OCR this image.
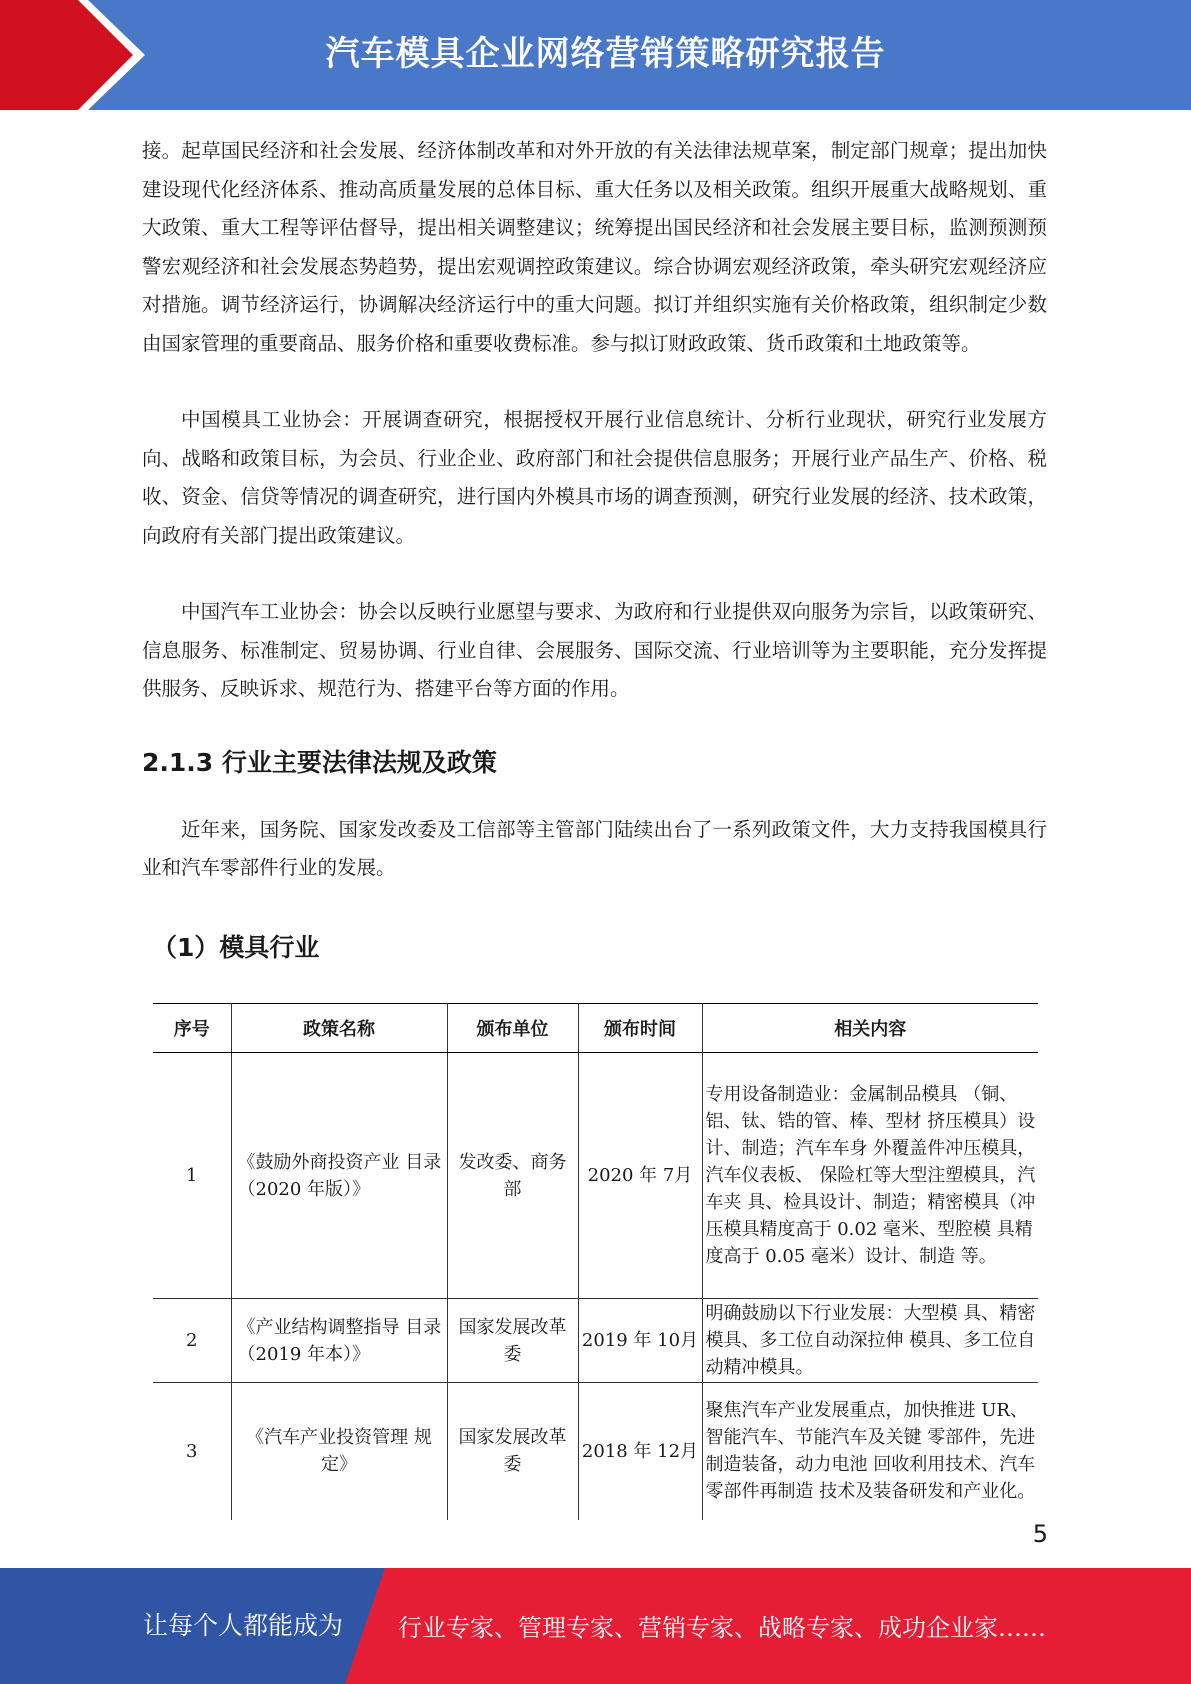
汽车模具企业网络营销策略研究报告

接。起草国民经济和社会发展、经济体制改革和对外开放的有关法律法规草案，制定部门规章；提出加快建设现代化经济体系、推动高质量发展的总体目标、重大任务以及相关政策。组织开展重大战略规划、重大政策、重大工程等评估督导，提出相关调整建议；统筹提出国民经济和社会发展主要目标，监测预测预警宏观经济和社会发展态势趋势，提出宏观调控政策建议。综合协调宏观经济政策，牵头研究宏观经济应对措施。调节经济运行，协调解决经济运行中的重大问题。拟订并组织实施有关价格政策，组织制定少数由国家管理的重要商品、服务价格和重要收费标准。参与拟订财政政策、货币政策和土地政策等。

中国模具工业协会：开展调查研究，根据授权开展行业信息统计、分析行业现状，研究行业发展方向、战略和政策目标，为会员、行业企业、政府部门和社会提供信息服务；开展行业产品生产、价格、税收、资金、信贷等情况的调查研究，进行国内外模具市场的调查预测，研究行业发展的经济、技术政策，向政府有关部门提出政策建议。

中国汽车工业协会：协会以反映行业愿望与要求、为政府和行业提供双向服务为宗旨，以政策研究、信息服务、标准制定、贸易协调、行业自律、会展服务、国际交流、行业培训等为主要职能，充分发挥提供服务、反映诉求、规范行为、搭建平台等方面的作用。

2.1.3 行业主要法律法规及政策

近年来，国务院、国家发改委及工信部等主管部门陆续出台了一系列政策文件，大力支持我国模具行业和汽车零部件行业的发展。

（1）模具行业
序号	政策名称	颁布单位	颁布时间	相关内容
1	《鼓励外商投资产业 目录（2020 年版）》	发改委、商务部	2020 年 7月	专用设备制造业：金属制品模具 （铜、铝、钛、锆的管、棒、型材 挤压模具）设计、制造；汽车车身 外覆盖件冲压模具，汽车仪表板、 保险杠等大型注塑模具，汽车夹 具、检具设计、制造；精密模具（冲 压模具精度高于 0.02 毫米、型腔模 具精度高于 0.05 毫米）设计、制造 等。
2	《产业结构调整指导 目录（2019 年本）》	国家发展改革委	2019 年 10月	明确鼓励以下行业发展：大型模 具、精密模具、多工位自动深拉伸 模具、多工位自动精冲模具。
3	《汽车产业投资管理 规定》	国家发展改革委	2018 年 12月	聚焦汽车产业发展重点，加快推进 UR、智能汽车、节能汽车及关键 零部件，先进制造装备，动力电池 回收利用技术、汽车零部件再制造 技术及装备研发和产业化。
5
让每个人都能成为 行业专家、管理专家、营销专家、战略专家、成功企业家……
